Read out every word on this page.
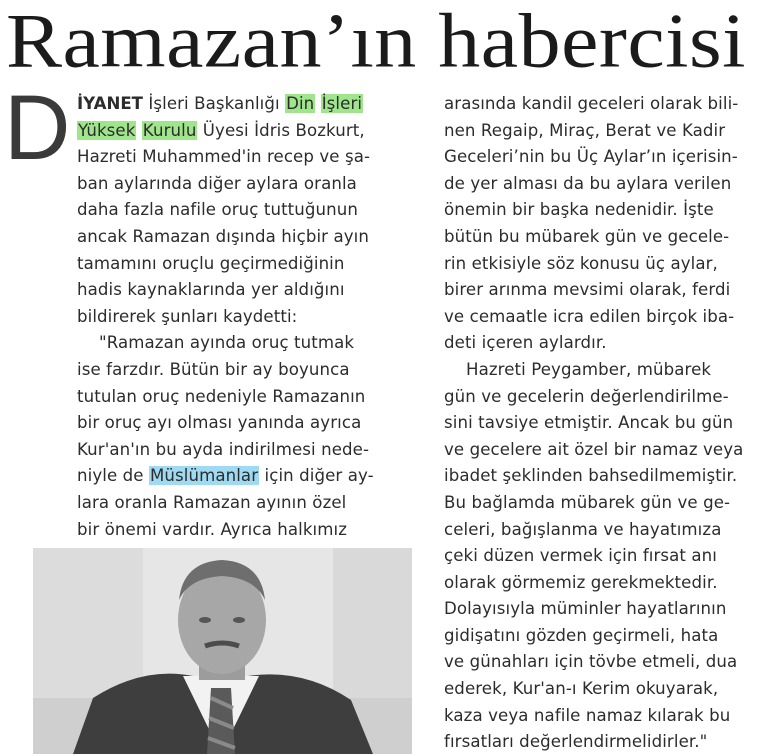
Ramazan’ın habercisi
D İYANET İşleri Başkanlığı Din İşleri
Yüksek Kurulu Üyesi İdris Bozkurt,
Hazreti Muhammed'in recep ve şa-
ban aylarında diğer aylara oranla
daha fazla nafile oruç tuttuğunun
ancak Ramazan dışında hiçbir ayın
tamamını oruçlu geçirmediğinin
hadis kaynaklarında yer aldığını
bildirerek şunları kaydetti:
"Ramazan ayında oruç tutmak
ise farzdır. Bütün bir ay boyunca
tutulan oruç nedeniyle Ramazanın
bir oruç ayı olması yanında ayrıca
Kur'an'ın bu ayda indirilmesi nede-
niyle de Müslümanlar için diğer ay-
lara oranla Ramazan ayının özel
bir önemi vardır. Ayrıca halkımız
arasında kandil geceleri olarak bili-
nen Regaip, Miraç, Berat ve Kadir
Geceleri’nin bu Üç Aylar’ın içerisin-
de yer alması da bu aylara verilen
önemin bir başka nedenidir. İşte
bütün bu mübarek gün ve gecele-
rin etkisiyle söz konusu üç aylar,
birer arınma mevsimi olarak, ferdi
ve cemaatle icra edilen birçok iba-
deti içeren aylardır.
Hazreti Peygamber, mübarek
gün ve gecelerin değerlendirilme-
sini tavsiye etmiştir. Ancak bu gün
ve gecelere ait özel bir namaz veya
ibadet şeklinden bahsedilmemiştir.
Bu bağlamda mübarek gün ve ge-
celeri, bağışlanma ve hayatımıza
çeki düzen vermek için fırsat anı
olarak görmemiz gerekmektedir.
Dolayısıyla müminler hayatlarının
gidişatını gözden geçirmeli, hata
ve günahları için tövbe etmeli, dua
ederek, Kur'an-ı Kerim okuyarak,
kaza veya nafile namaz kılarak bu
fırsatları değerlendirmelidirler."
